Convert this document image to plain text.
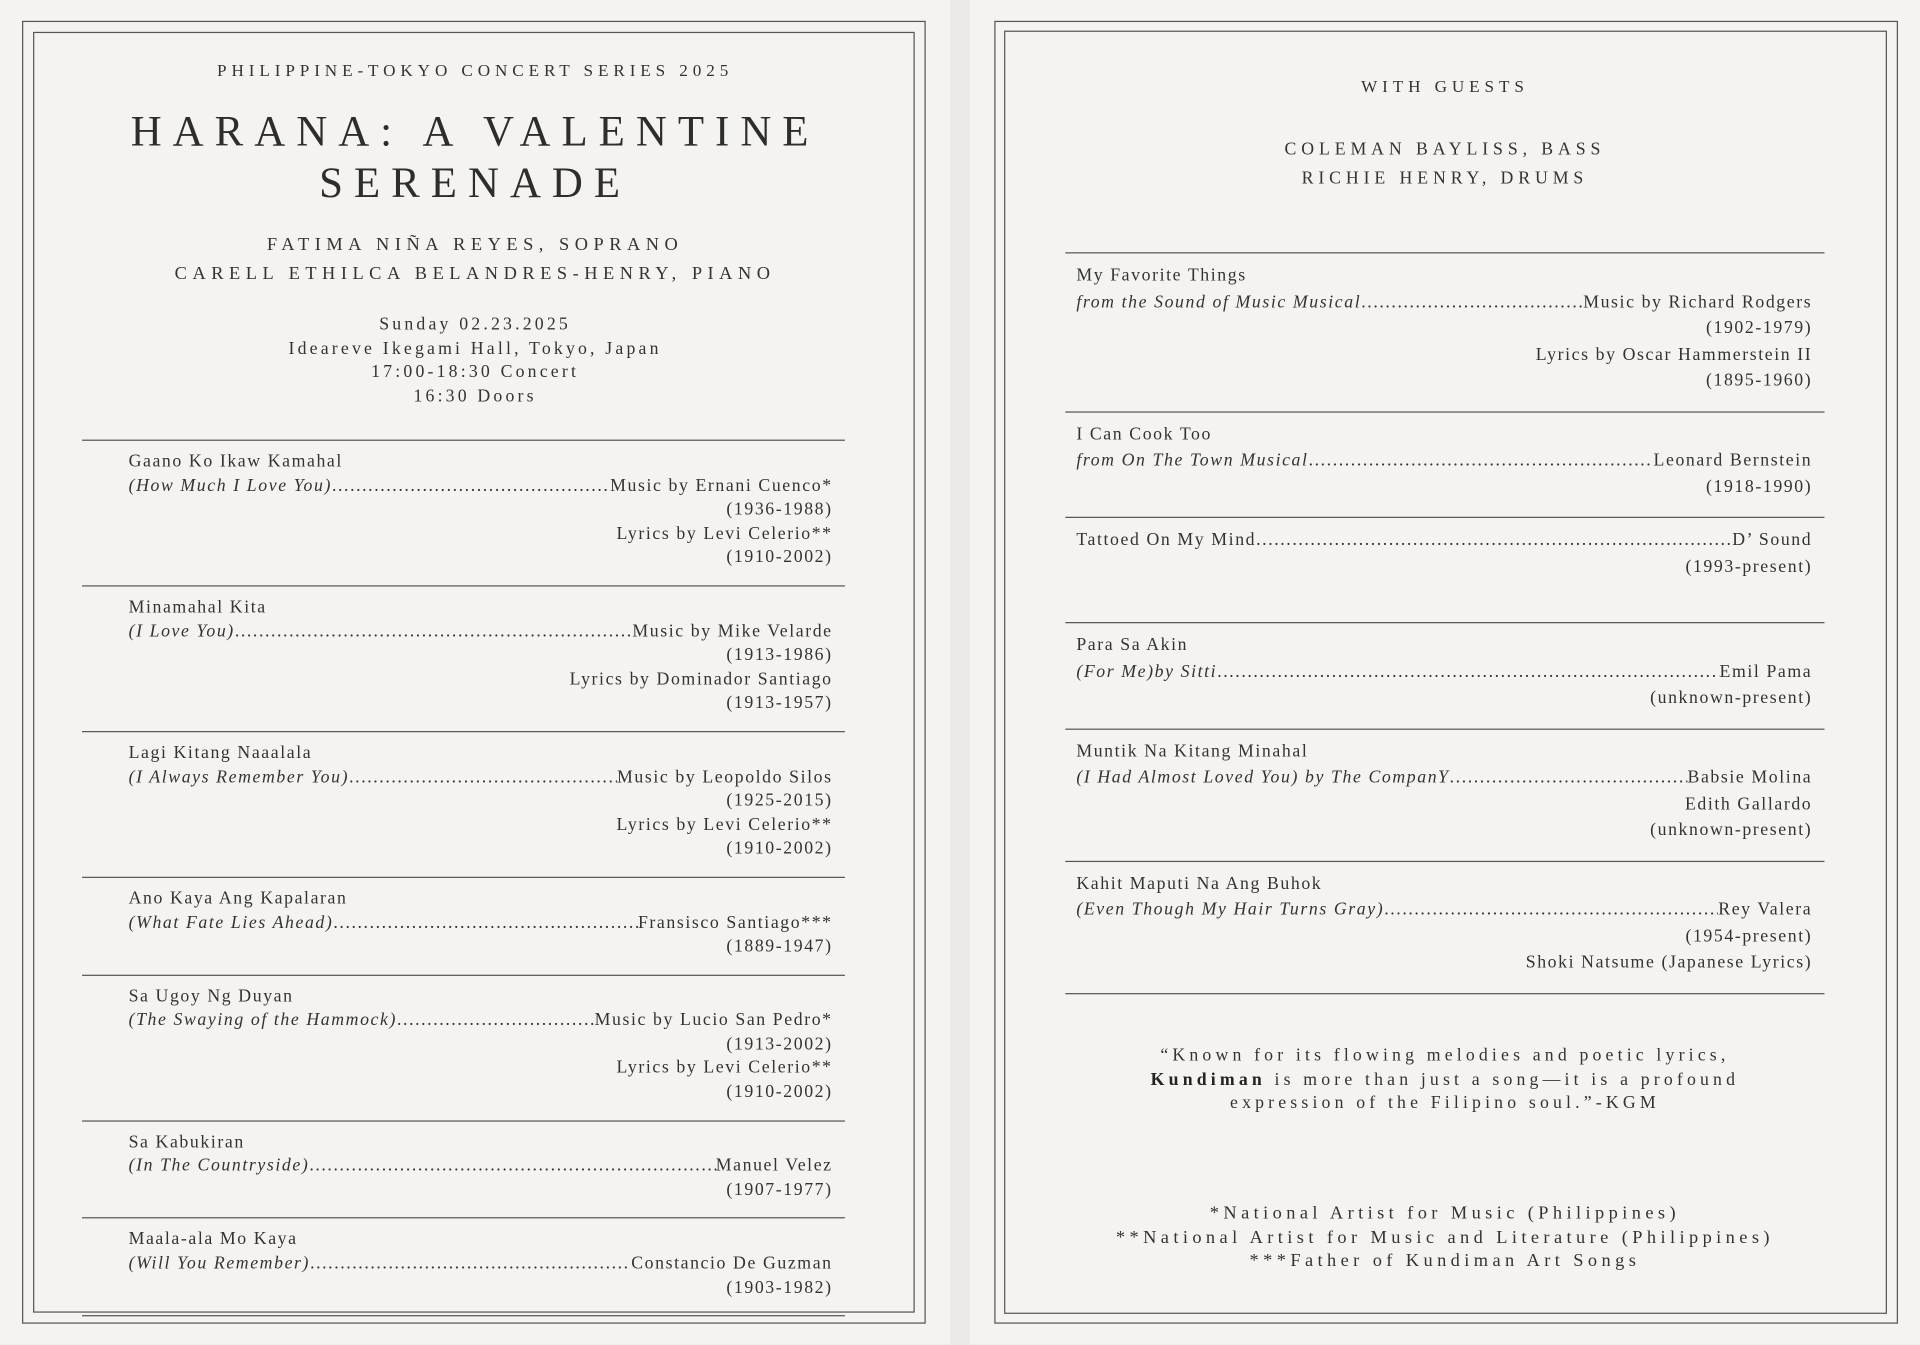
PHILIPPINE-TOKYO CONCERT SERIES 2025
HARANA: A VALENTINE
SERENADE
FATIMA NIÑA REYES, SOPRANO
CARELL ETHILCA BELANDRES-HENRY, PIANO
Sunday 02.23.2025
Ideareve Ikegami Hall, Tokyo, Japan
17:00-18:30 Concert
16:30 Doors
Gaano Ko Ikaw Kamahal
(How Much I Love You) .....	Music by Ernani Cuenco*
(1936-1988)
Lyrics by Levi Celerio**
(1910-2002)
Minamahal Kita
(I Love You) .....	Music by Mike Velarde
(1913-1986)
Lyrics by Dominador Santiago
(1913-1957)
Lagi Kitang Naaalala
(I Always Remember You) .....	Music by Leopoldo Silos
(1925-2015)
Lyrics by Levi Celerio**
(1910-2002)
Ano Kaya Ang Kapalaran
(What Fate Lies Ahead) .....	Fransisco Santiago***
(1889-1947)
Sa Ugoy Ng Duyan
(The Swaying of the Hammock) .....	Music by Lucio San Pedro*
(1913-2002)
Lyrics by Levi Celerio**
(1910-2002)
Sa Kabukiran
(In The Countryside) .....	Manuel Velez
(1907-1977)
Maala-ala Mo Kaya
(Will You Remember) .....	Constancio De Guzman
(1903-1982)
WITH GUESTS
COLEMAN BAYLISS, BASS
RICHIE HENRY, DRUMS
My Favorite Things
from the Sound of Music Musical .....	Music by Richard Rodgers
(1902-1979)
Lyrics by Oscar Hammerstein II
(1895-1960)
I Can Cook Too
from On The Town Musical .....	Leonard Bernstein
(1918-1990)
Tattoed On My Mind .....	D’ Sound
(1993-present)
Para Sa Akin
(For Me)by Sitti .....	Emil Pama
(unknown-present)
Muntik Na Kitang Minahal
(I Had Almost Loved You) by The CompanY .....	Babsie Molina
Edith Gallardo
(unknown-present)
Kahit Maputi Na Ang Buhok
(Even Though My Hair Turns Gray) .....	Rey Valera
(1954-present)
Shoki Natsume (Japanese Lyrics)
“Known for its flowing melodies and poetic lyrics,
Kundiman is more than just a song—it is a profound
expression of the Filipino soul.”-KGM
*National Artist for Music (Philippines)
**National Artist for Music and Literature (Philippines)
***Father of Kundiman Art Songs
